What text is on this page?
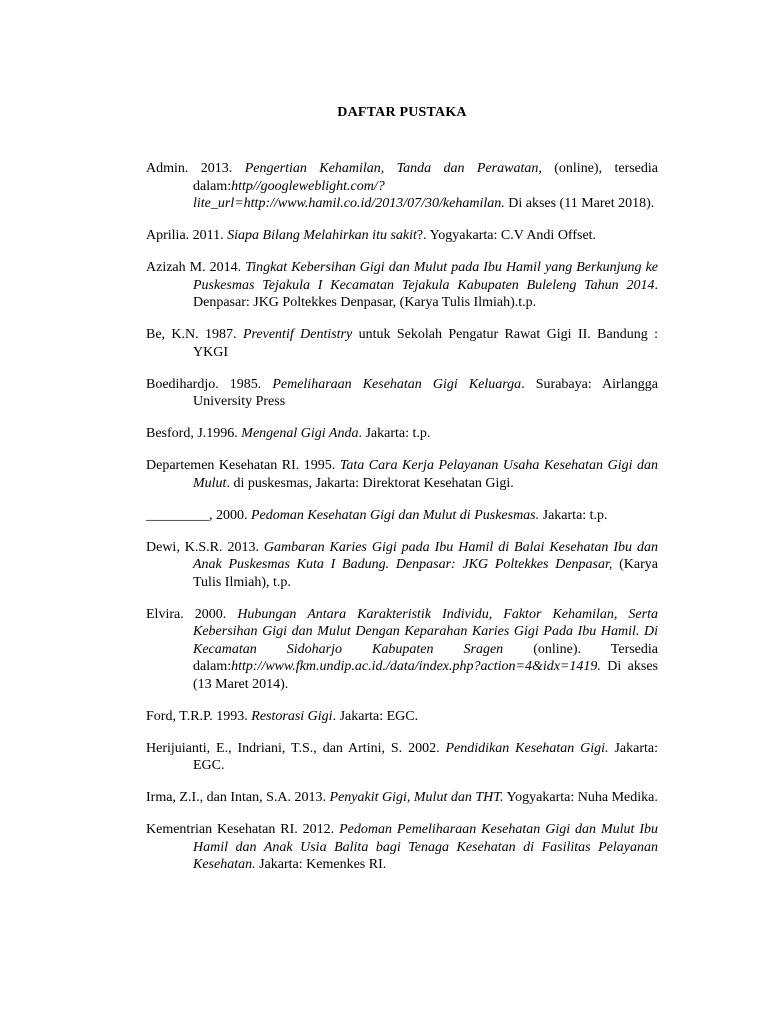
DAFTAR PUSTAKA
Admin. 2013. Pengertian Kehamilan, Tanda dan Perawatan, (online), tersedia dalam:http//googleweblight.com/?lite_url=http://www.hamil.co.id/2013/07/30/kehamilan. Di akses (11 Maret 2018).
Aprilia. 2011. Siapa Bilang Melahirkan itu sakit?. Yogyakarta: C.V Andi Offset.
Azizah M. 2014. Tingkat Kebersihan Gigi dan Mulut pada Ibu Hamil yang Berkunjung ke Puskesmas Tejakula I Kecamatan Tejakula Kabupaten Buleleng Tahun 2014. Denpasar: JKG Poltekkes Denpasar, (Karya Tulis Ilmiah).t.p.
Be, K.N. 1987. Preventif Dentistry untuk Sekolah Pengatur Rawat Gigi II. Bandung : YKGI
Boedihardjo. 1985. Pemeliharaan Kesehatan Gigi Keluarga. Surabaya: Airlangga University Press
Besford, J.1996. Mengenal Gigi Anda. Jakarta: t.p.
Departemen Kesehatan RI. 1995. Tata Cara Kerja Pelayanan Usaha Kesehatan Gigi dan Mulut. di puskesmas, Jakarta: Direktorat Kesehatan Gigi.
_________, 2000. Pedoman Kesehatan Gigi dan Mulut di Puskesmas. Jakarta: t.p.
Dewi, K.S.R. 2013. Gambaran Karies Gigi pada Ibu Hamil di Balai Kesehatan Ibu dan Anak Puskesmas Kuta I Badung. Denpasar: JKG Poltekkes Denpasar, (Karya Tulis Ilmiah), t.p.
Elvira. 2000. Hubungan Antara Karakteristik Individu, Faktor Kehamilan, Serta Kebersihan Gigi dan Mulut Dengan Keparahan Karies Gigi Pada Ibu Hamil. Di Kecamatan Sidoharjo Kabupaten Sragen (online). Tersedia dalam:http://www.fkm.undip.ac.id./data/index.php?action=4&idx=1419. Di akses (13 Maret 2014).
Ford, T.R.P. 1993. Restorasi Gigi. Jakarta: EGC.
Herijuianti, E., Indriani, T.S., dan Artini, S. 2002. Pendidikan Kesehatan Gigi. Jakarta: EGC.
Irma, Z.I., dan Intan, S.A. 2013. Penyakit Gigi, Mulut dan THT. Yogyakarta: Nuha Medika.
Kementrian Kesehatan RI. 2012. Pedoman Pemeliharaan Kesehatan Gigi dan Mulut Ibu Hamil dan Anak Usia Balita bagi Tenaga Kesehatan di Fasilitas Pelayanan Kesehatan. Jakarta: Kemenkes RI.
